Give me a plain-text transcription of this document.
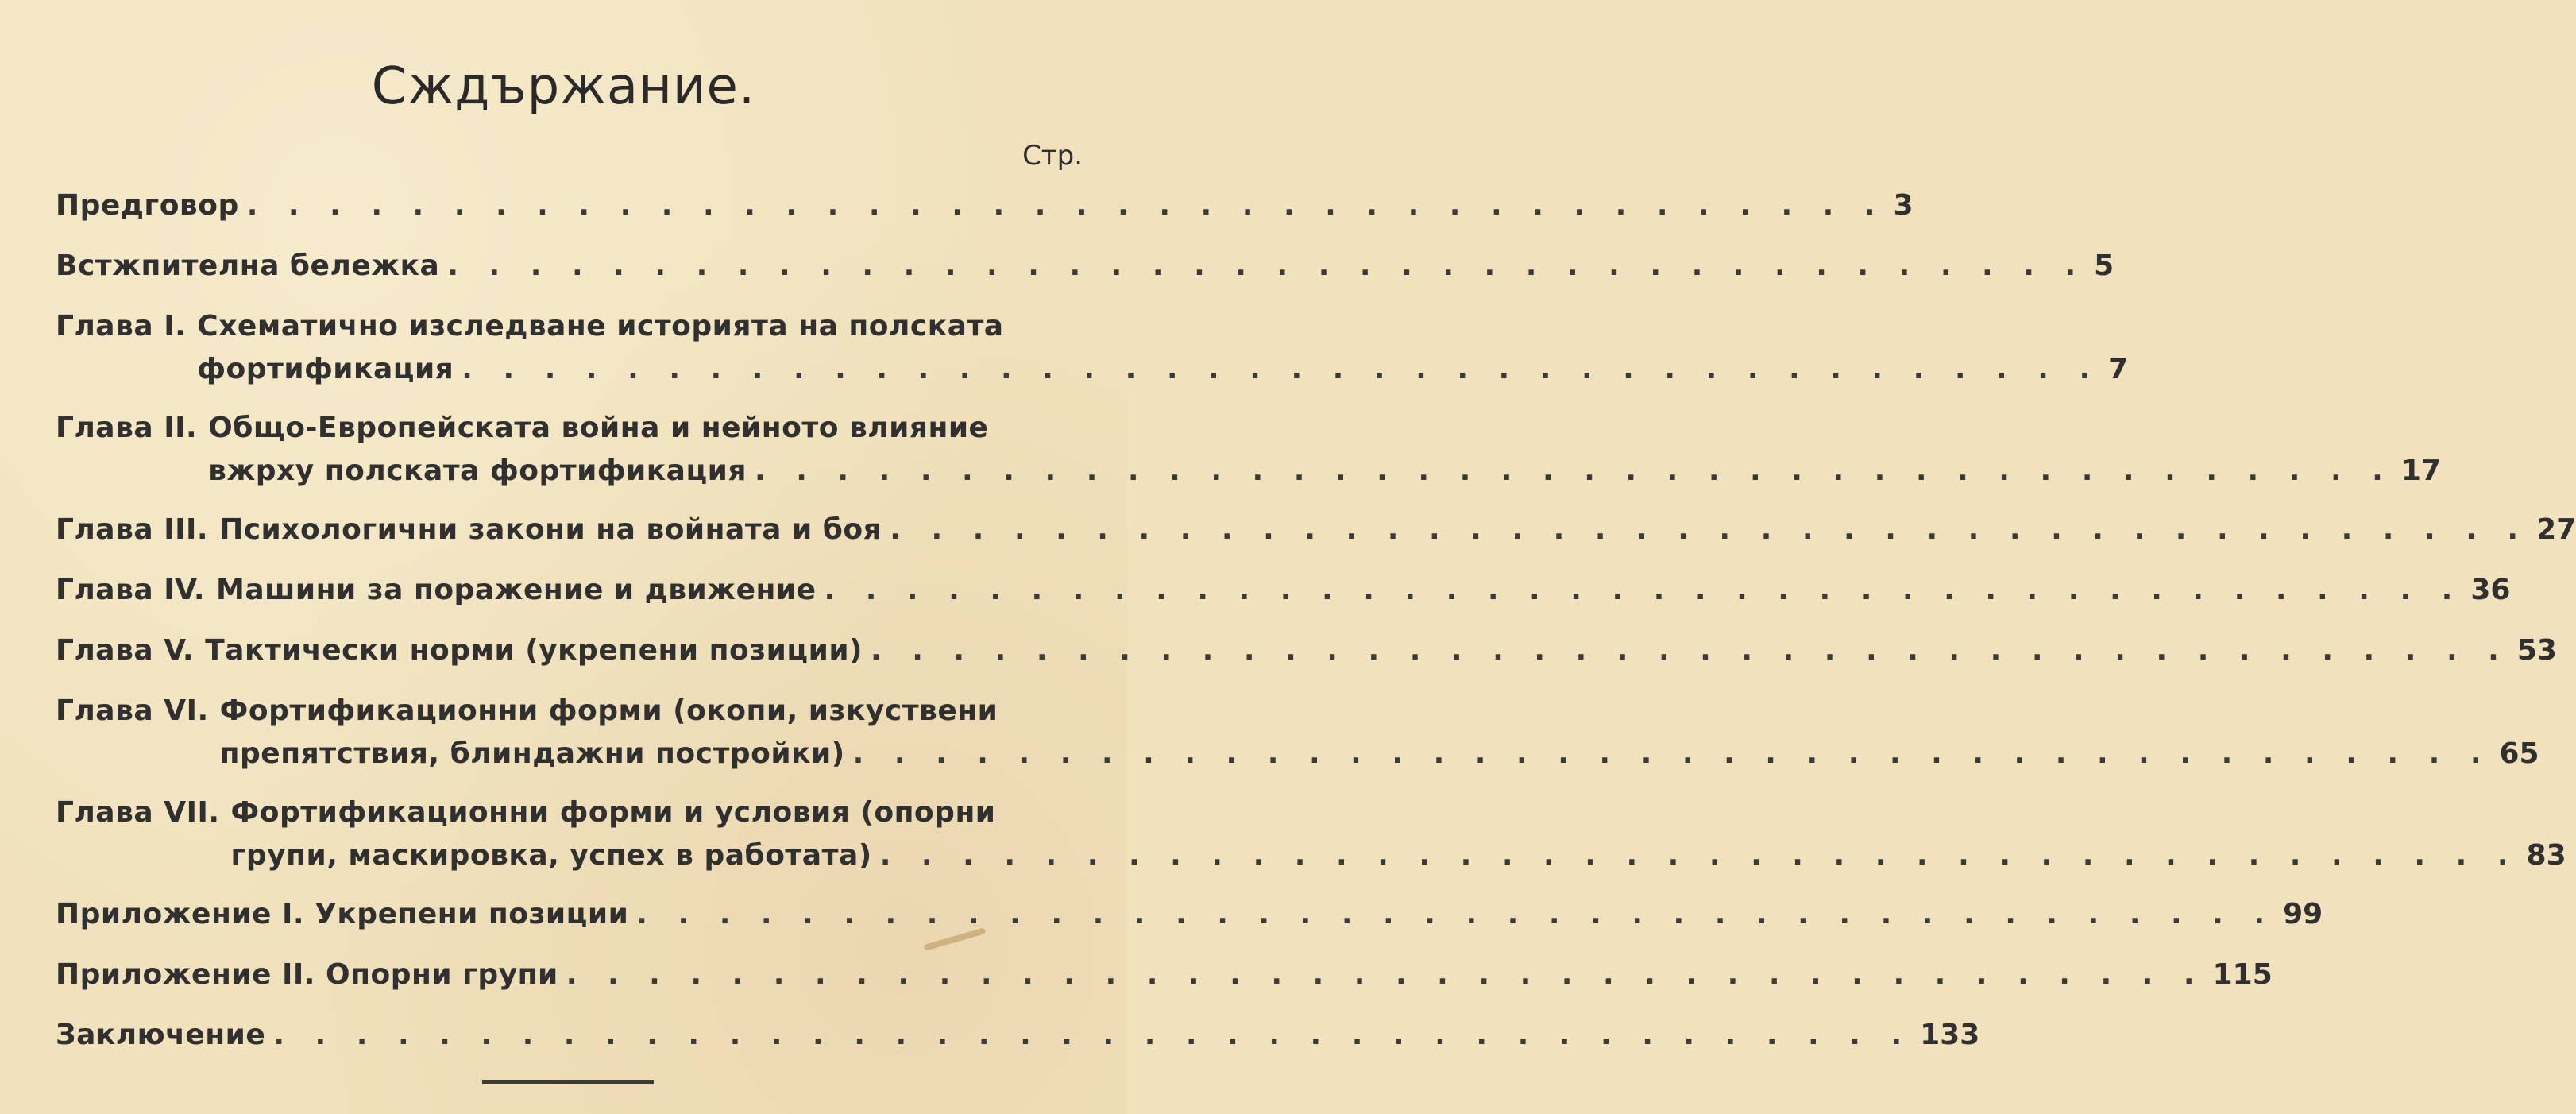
Сждържание.
Стр.
Предговор . . . . . . . . . . . . . . . . . . . . . . . . . . . . . . . . . . . . . . . . 3
Встжпителна бележка . . . . . . . . . . . . . . . . . . . . . . . . . . . . . . . . . . . . . . . . 5
Глава I. Схематично изследване историята на полската
фортификация . . . . . . . . . . . . . . . . . . . . . . . . . . . . . . . . . . . . . . . . 7
Глава II. Общо-Европейската война и нейното влияние
вжрху полската фортификация . . . . . . . . . . . . . . . . . . . . . . . . . . . . . . . . . . . . . . . . 17
Глава III. Психологични закони на войната и боя . . . . . . . . . . . . . . . . . . . . . . . . . . . . . . . . . . . . . . . . 27
Глава IV. Машини за поражение и движение . . . . . . . . . . . . . . . . . . . . . . . . . . . . . . . . . . . . . . . . 36
Глава V. Тактически норми (укрепени позиции) . . . . . . . . . . . . . . . . . . . . . . . . . . . . . . . . . . . . . . . . 53
Глава VI. Фортификационни форми (окопи, изкуствени
препятствия, блиндажни постройки) . . . . . . . . . . . . . . . . . . . . . . . . . . . . . . . . . . . . . . . . 65
Глава VII. Фортификационни форми и условия (опорни
групи, маскировка, успех в работата) . . . . . . . . . . . . . . . . . . . . . . . . . . . . . . . . . . . . . . . . 83
Приложение I. Укрепени позиции . . . . . . . . . . . . . . . . . . . . . . . . . . . . . . . . . . . . . . . . 99
Приложение II. Опорни групи . . . . . . . . . . . . . . . . . . . . . . . . . . . . . . . . . . . . . . . . 115
Заключение . . . . . . . . . . . . . . . . . . . . . . . . . . . . . . . . . . . . . . . . 133
